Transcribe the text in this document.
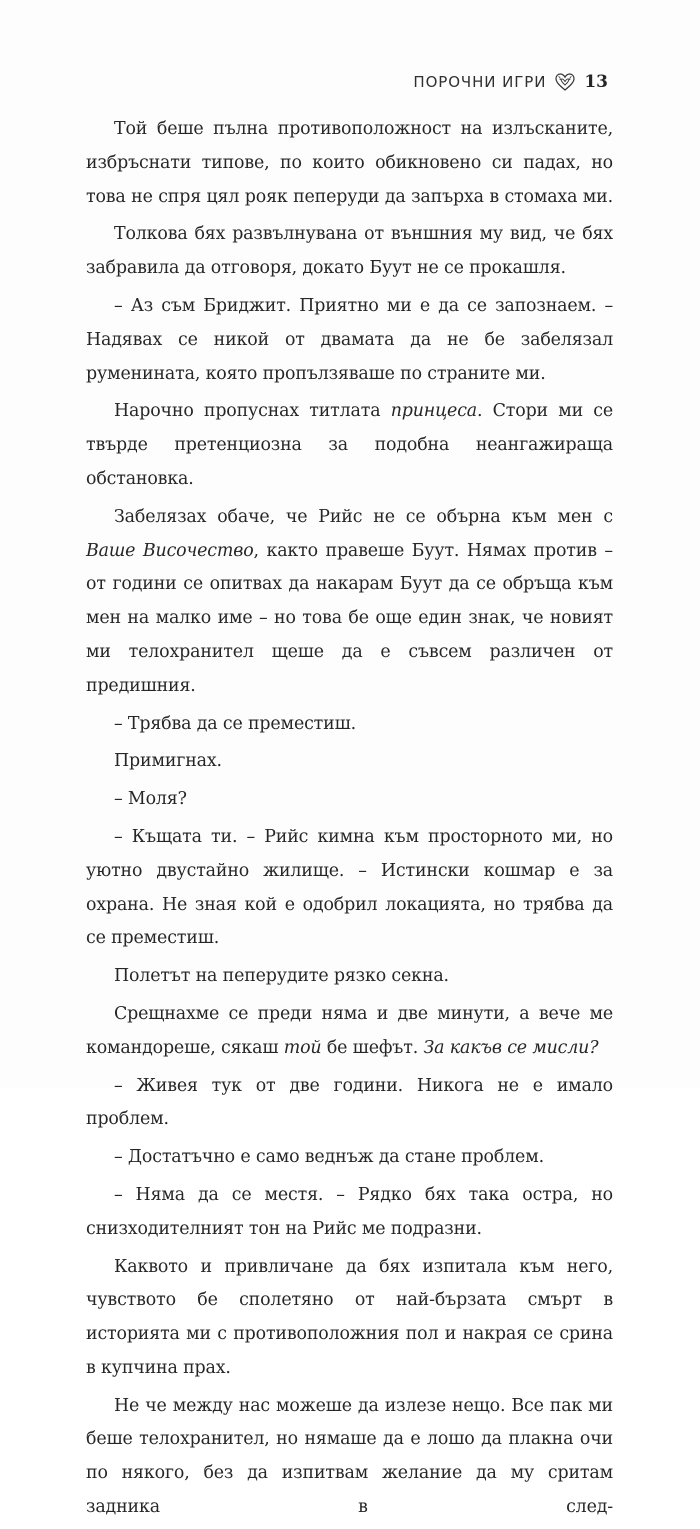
ПОРОЧНИ ИГРИ 13

Той беше пълна противоположност на излъсканите, избръснати типове, по които обикновено си падах, но това не спря цял рояк пеперуди да запърха в стомаха ми.

Толкова бях развълнувана от външния му вид, че бях забравила да отговоря, докато Буут не се прокашля.

– Аз съм Бриджит. Приятно ми е да се запознаем. – Надявах се никой от двамата да не бе забелязал руменината, която пропълзяваше по страните ми.

Нарочно пропуснах титлата принцеса. Стори ми се твърде претенциозна за подобна неангажираща обстановка.

Забелязах обаче, че Рийс не се обърна към мен с Ваше Височество, както правеше Буут. Нямах против – от години се опитвах да накарам Буут да се обръща към мен на малко име – но това бе още един знак, че новият ми телохранител щеше да е съвсем различен от предишния.

– Трябва да се преместиш.

Примигнах.

– Моля?

– Къщата ти. – Рийс кимна към просторното ми, но уютно двустайно жилище. – Истински кошмар е за охрана. Не зная кой е одобрил локацията, но трябва да се преместиш.

Полетът на пеперудите рязко секна.

Срещнахме се преди няма и две минути, а вече ме командореше, сякаш той бе шефът. За какъв се мисли?

– Живея тук от две години. Никога не е имало проблем.

– Достатъчно е само веднъж да стане проблем.

– Няма да се местя. – Рядко бях така остра, но снизходителният тон на Рийс ме подразни.

Каквото и привличане да бях изпитала към него, чувството бе сполетяно от най-бързата смърт в историята ми с противоположния пол и накрая се срина в купчина прах.

Не че между нас можеше да излезе нещо. Все пак ми беше телохранител, но нямаше да е лошо да плакна очи по някого, без да изпитвам желание да му сритам задника в след-
